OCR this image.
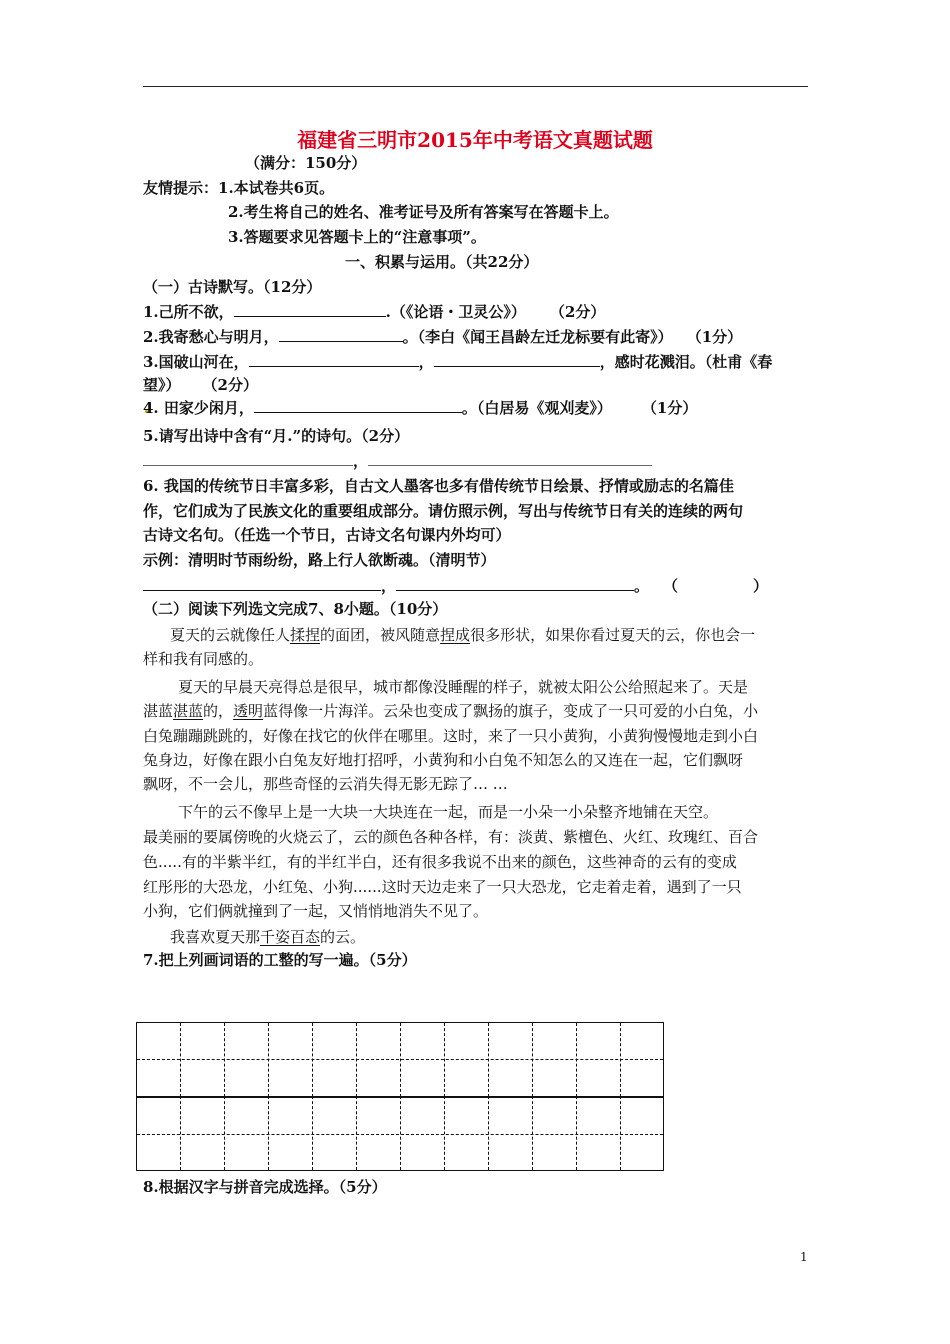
福建省三明市2015年中考语文真题试题
（满分：150分）
友情提示：1.本试卷共6页。
2.考生将自己的姓名、准考证号及所有答案写在答题卡上。
3.答题要求见答题卡上的“注意事项”。
一、积累与运用。（共22分）
（一）古诗默写。（12分）
1.己所不欲，	.（《论语・卫灵公》） （2分）
2.我寄愁心与明月，	。（李白《闻王昌龄左迁龙标要有此寄》） （1分）
3.国破山河在，	，	，感时花溅泪。（杜甫《春
望》） （2分）
4. 田家少闲月，	。（白居易《观刈麦》） （1分）
5.请写出诗中含有“月.”的诗句。（2分）
，
6. 我国的传统节日丰富多彩，自古文人墨客也多有借传统节日绘景、抒情或励志的名篇佳
作，它们成为了民族文化的重要组成部分。请仿照示例，写出与传统节日有关的连续的两句
古诗文名句。（任选一个节日，古诗文名句课内外均可）
示例：清明时节雨纷纷，路上行人欲断魂。（清明节）
，	。 （　　　　　）
（二）阅读下列选文完成7、8小题。（10分）
夏天的云就像任人揉捏的面团，被风随意捏成很多形状，如果你看过夏天的云，你也会一
样和我有同感的。
夏天的早晨天亮得总是很早，城市都像没睡醒的样子，就被太阳公公给照起来了。天是
湛蓝湛蓝的，透明蓝得像一片海洋。云朵也变成了飘扬的旗子，变成了一只可爱的小白兔，小
白兔蹦蹦跳跳的，好像在找它的伙伴在哪里。这时，来了一只小黄狗，小黄狗慢慢地走到小白
兔身边，好像在跟小白兔友好地打招呼，小黄狗和小白兔不知怎么的又连在一起，它们飘呀
飘呀，不一会儿，那些奇怪的云消失得无影无踪了… …
下午的云不像早上是一大块一大块连在一起，而是一小朵一小朵整齐地铺在天空。
最美丽的要属傍晚的火烧云了，云的颜色各种各样，有：淡黄、紫檀色、火红、玫瑰红、百合
色.....有的半紫半红，有的半红半白，还有很多我说不出来的颜色，这些神奇的云有的变成
红彤彤的大恐龙，小红兔、小狗......这时天边走来了一只大恐龙，它走着走着，遇到了一只
小狗，它们俩就撞到了一起，又悄悄地消失不见了。
我喜欢夏天那千姿百态的云。
7.把上列画词语的工整的写一遍。（5分）
8.根据汉字与拼音完成选择。（5分）
1
